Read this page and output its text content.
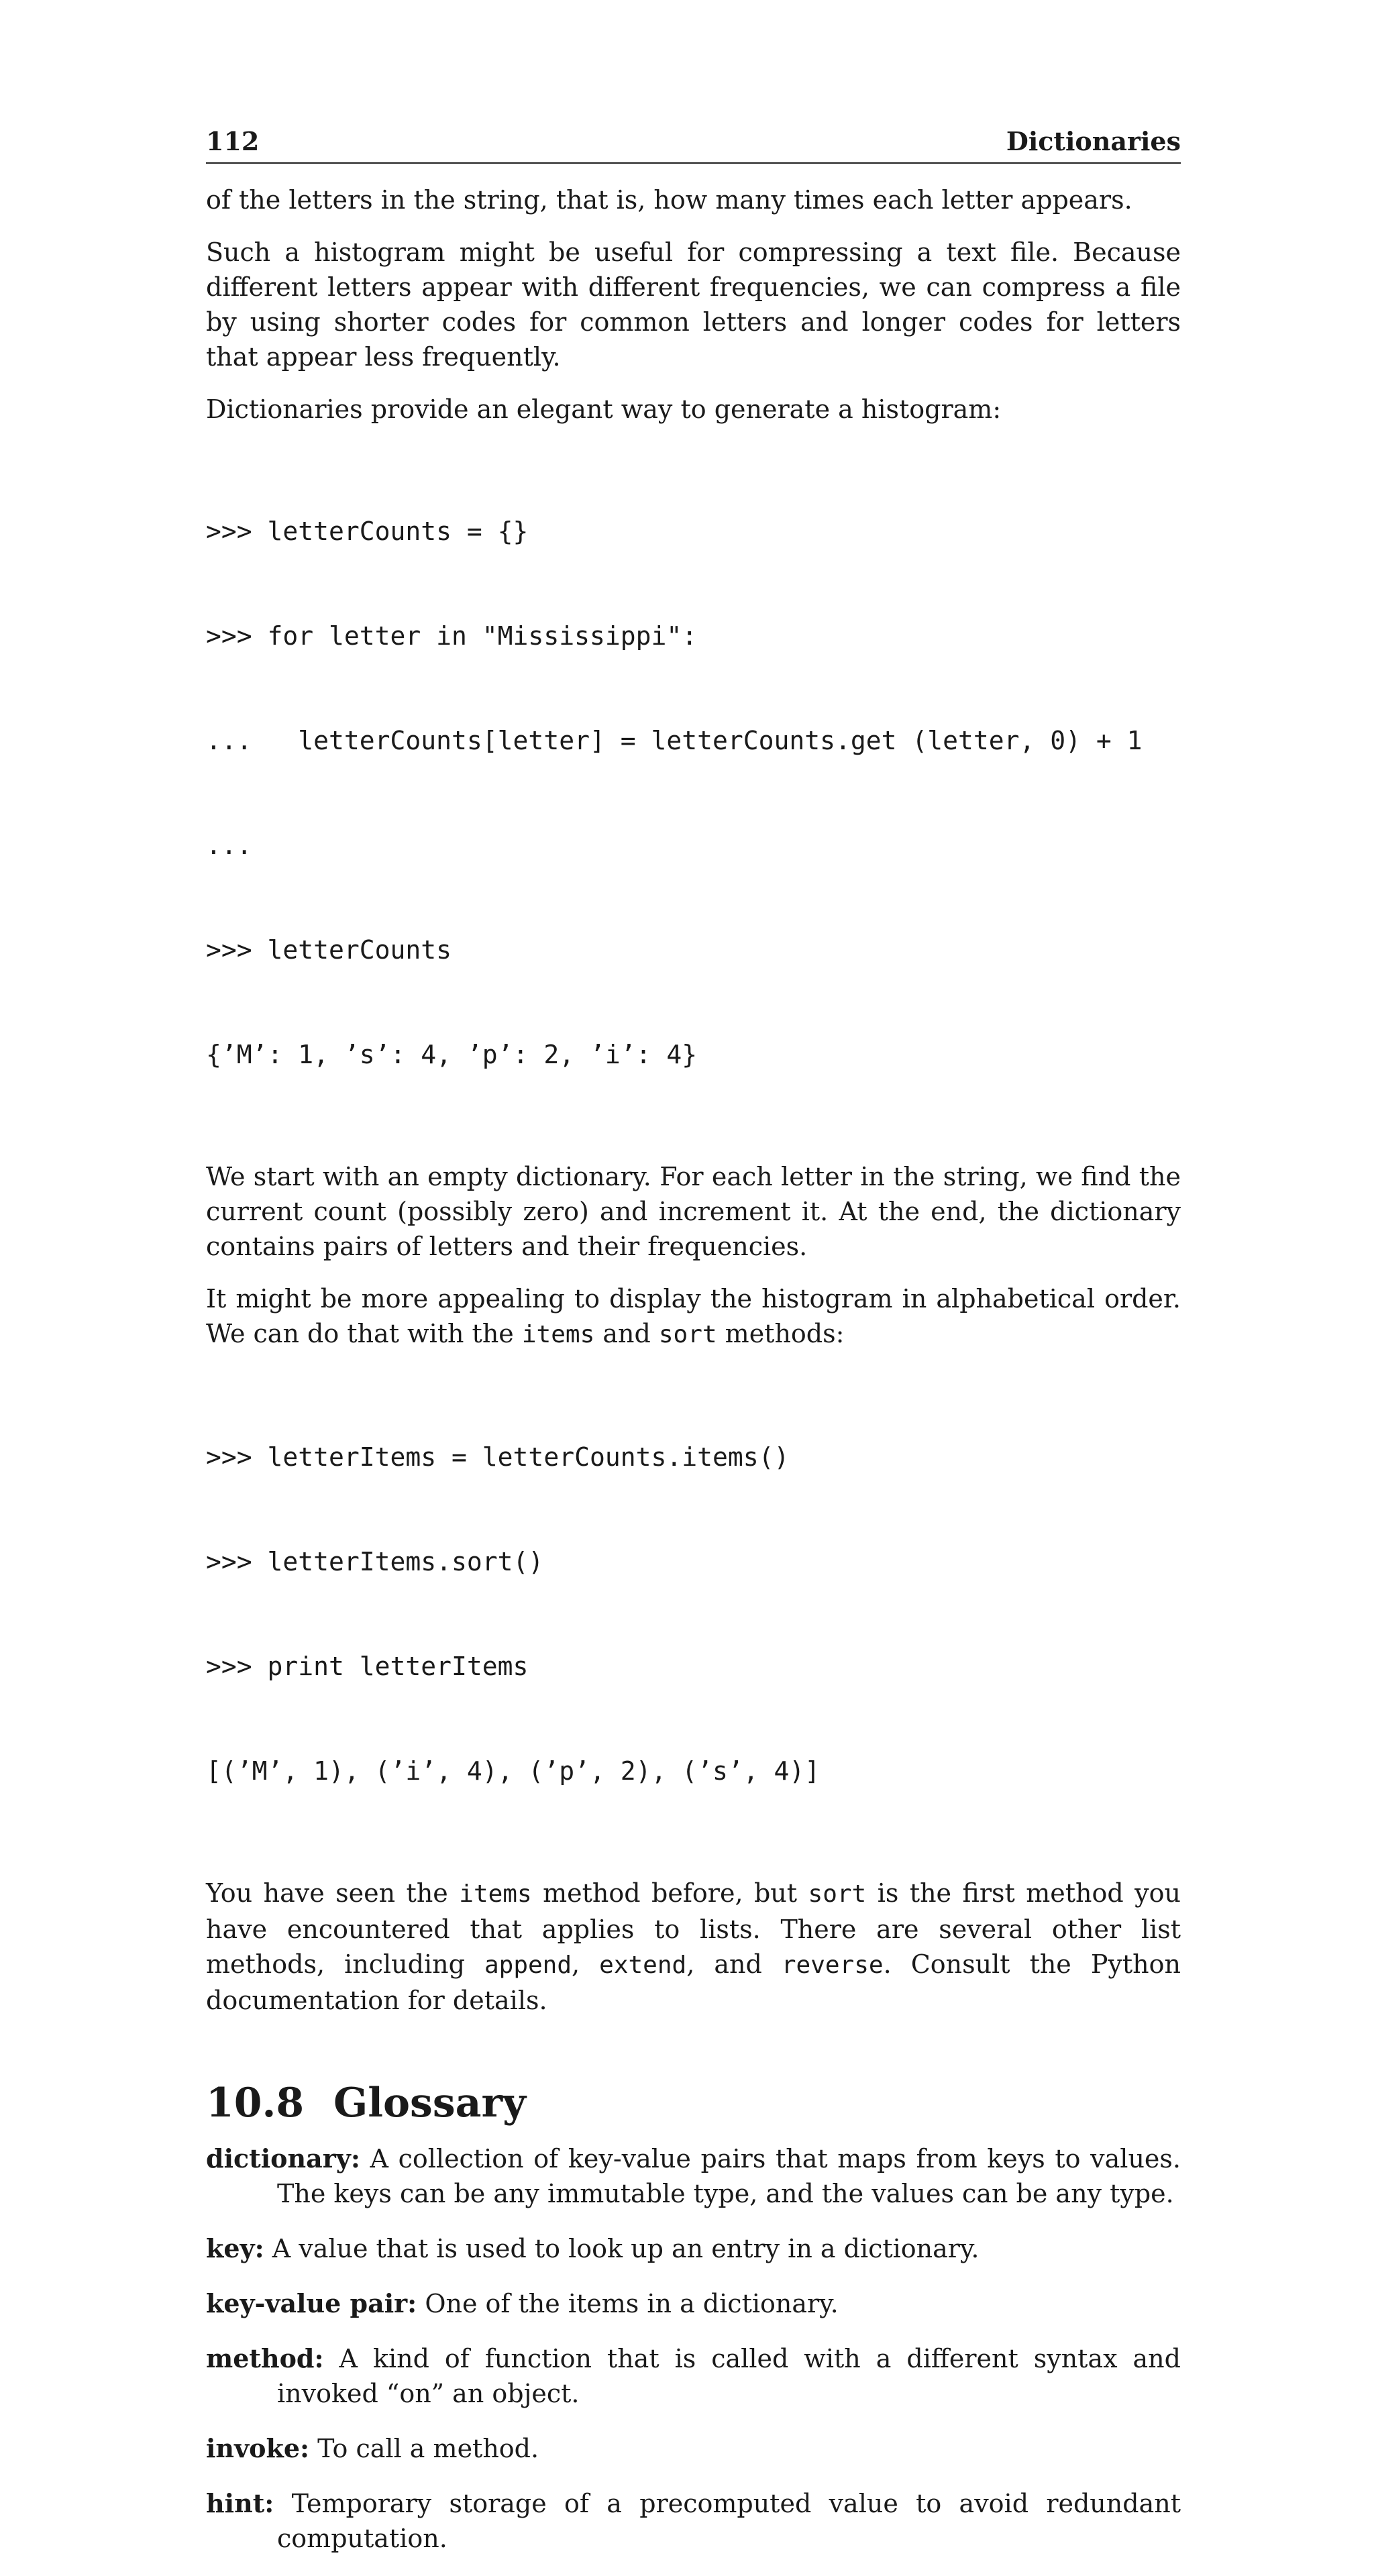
112	Dictionaries

of the letters in the string, that is, how many times each letter appears.

Such a histogram might be useful for compressing a text file. Because different letters appear with different frequencies, we can compress a file by using shorter codes for common letters and longer codes for letters that appear less frequently.

Dictionaries provide an elegant way to generate a histogram:

>>> letterCounts = {}

>>> for letter in "Mississippi":

...   letterCounts[letter] = letterCounts.get (letter, 0) + 1

...

>>> letterCounts

{’M’: 1, ’s’: 4, ’p’: 2, ’i’: 4}

We start with an empty dictionary. For each letter in the string, we find the current count (possibly zero) and increment it. At the end, the dictionary contains pairs of letters and their frequencies.

It might be more appealing to display the histogram in alphabetical order. We can do that with the items and sort methods:

>>> letterItems = letterCounts.items()

>>> letterItems.sort()

>>> print letterItems

[(’M’, 1), (’i’, 4), (’p’, 2), (’s’, 4)]

You have seen the items method before, but sort is the first method you have encountered that applies to lists. There are several other list methods, including append, extend, and reverse. Consult the Python documentation for details.

10.8 Glossary

dictionary: A collection of key-value pairs that maps from keys to values. The keys can be any immutable type, and the values can be any type.

key: A value that is used to look up an entry in a dictionary.

key-value pair: One of the items in a dictionary.

method: A kind of function that is called with a different syntax and invoked “on” an object.

invoke: To call a method.

hint: Temporary storage of a precomputed value to avoid redundant computation.
